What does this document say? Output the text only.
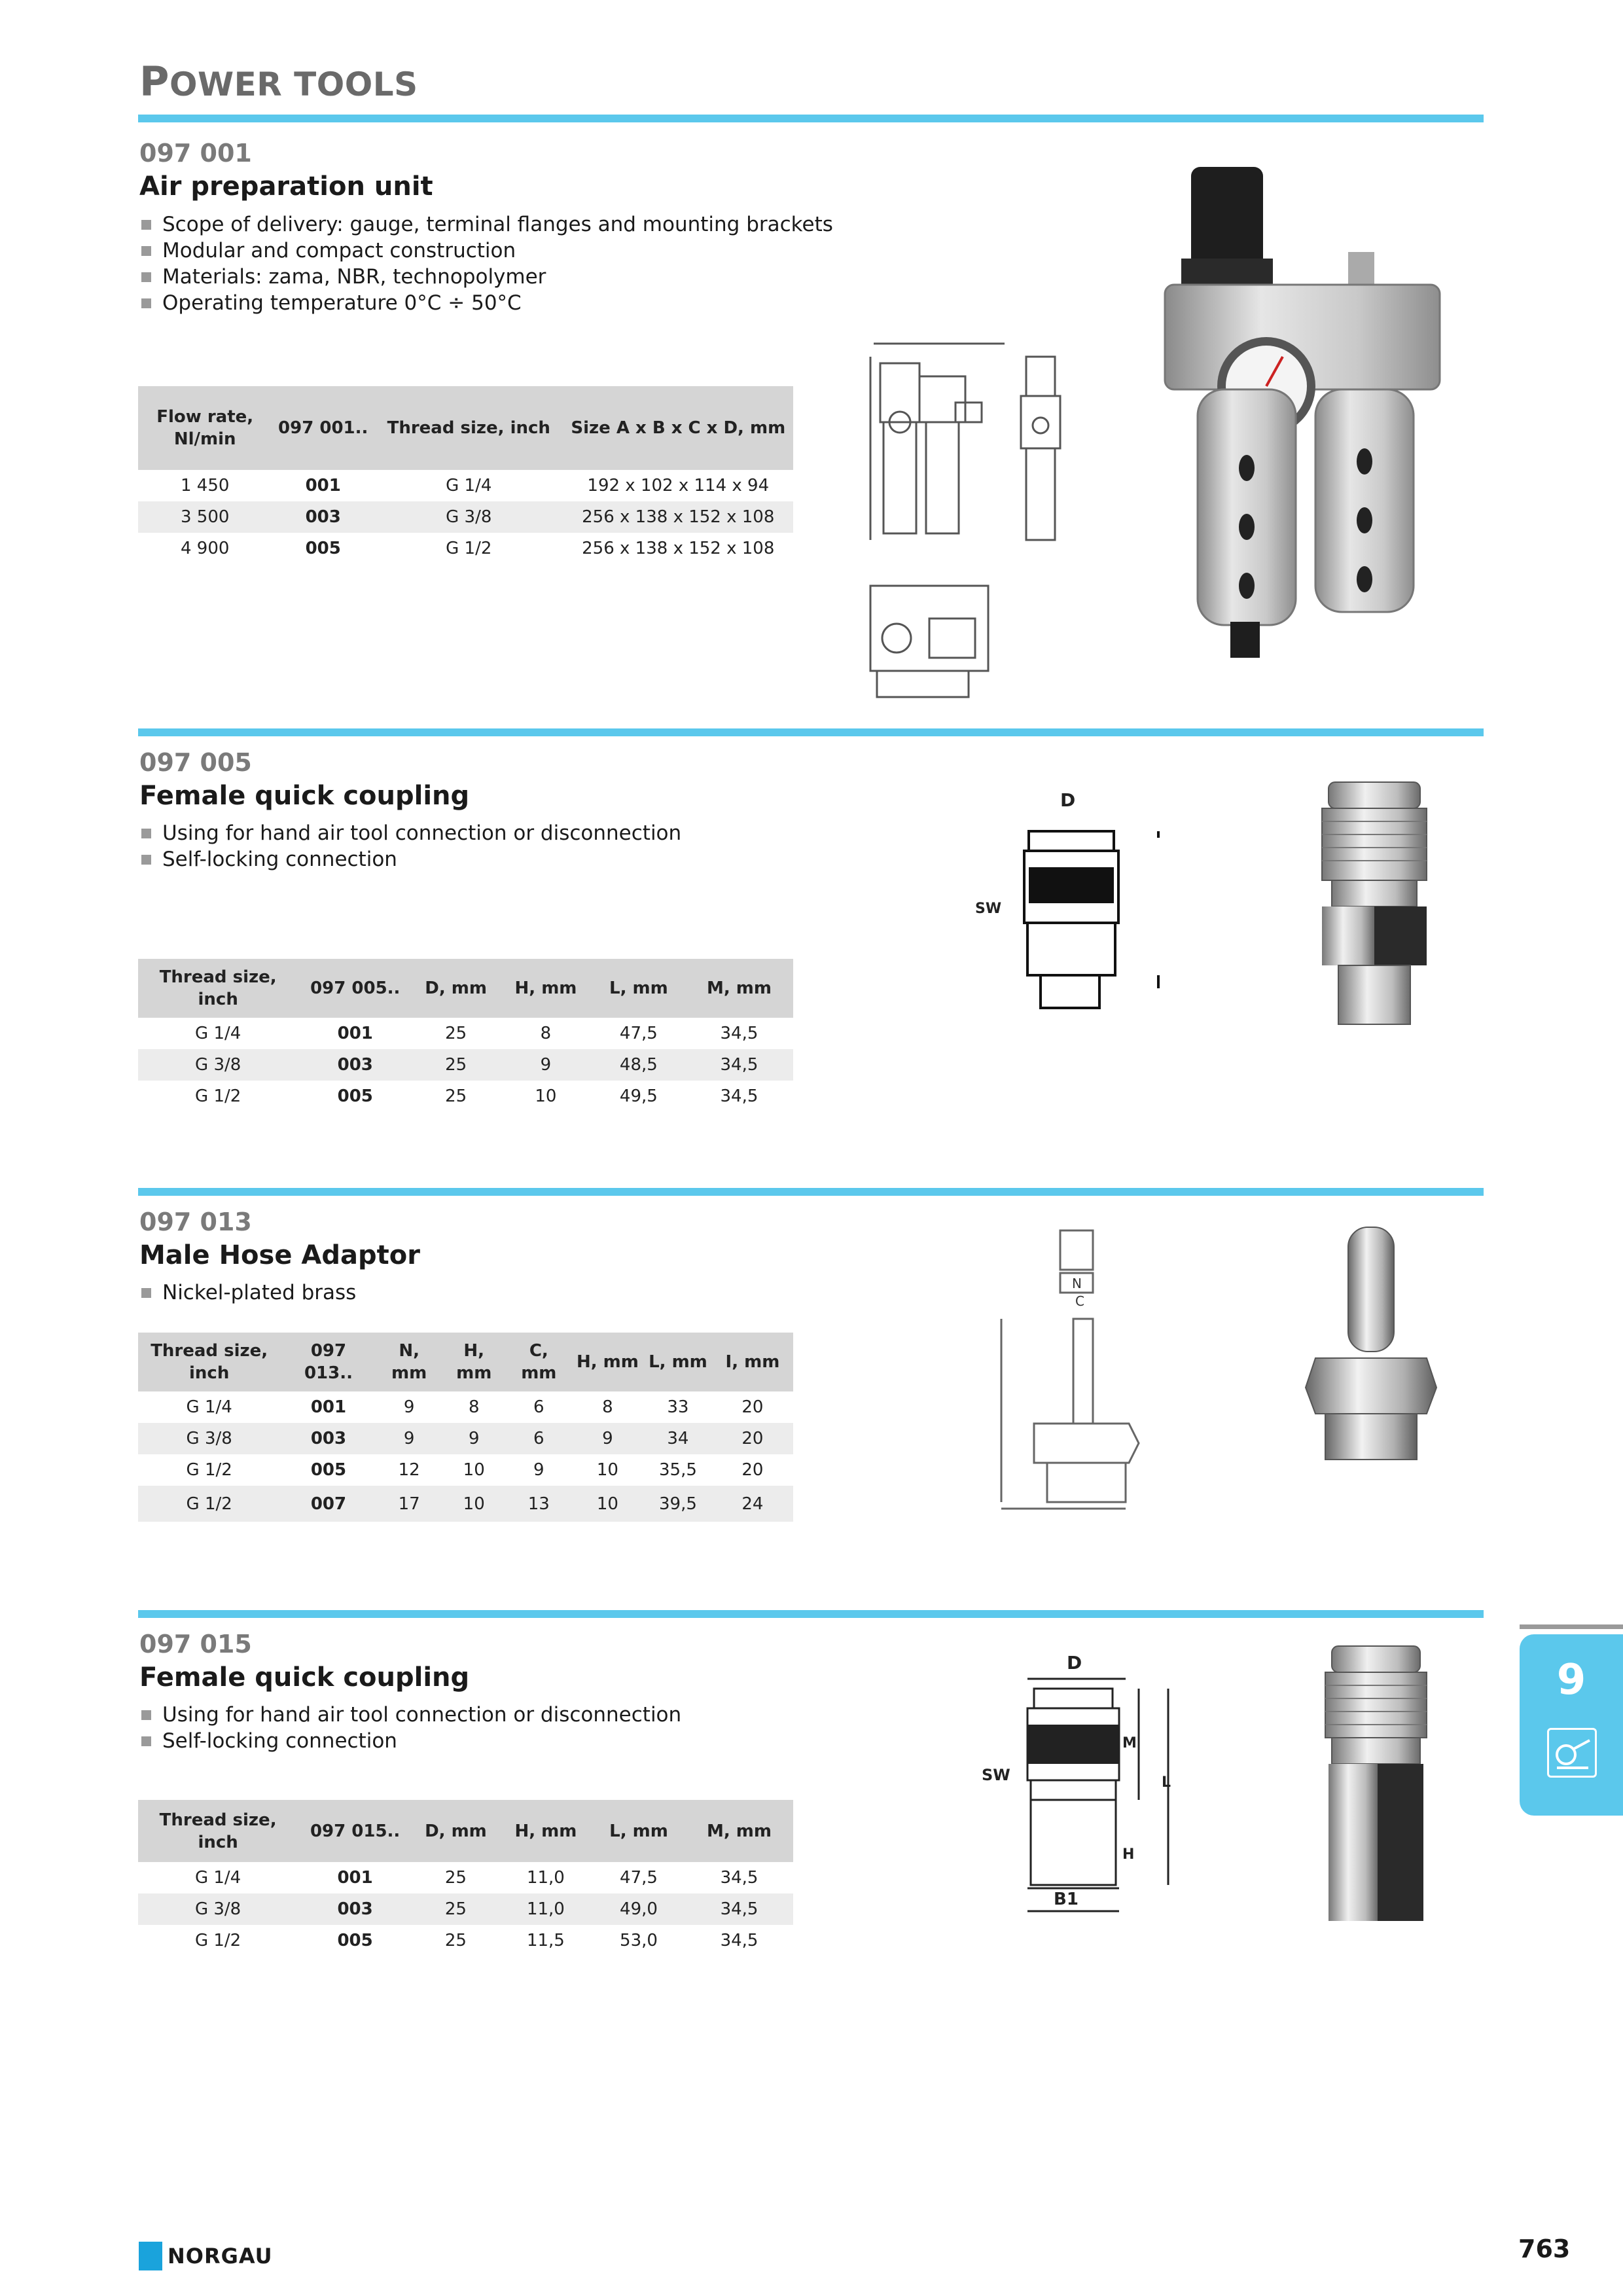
POWER TOOLS
097 001
Air preparation unit
Scope of delivery: gauge, terminal flanges and mounting brackets
Modular and compact construction
Materials: zama, NBR, technopolymer
Operating temperature 0°C ÷ 50°C
Flow rate, Nl/min	097 001..	Thread size, inch	Size A x B x C x D, mm
1 450	001	G 1/4	192 x 102 x 114 x 94
3 500	003	G 3/8	256 x 138 x 152 x 108
4 900	005	G 1/2	256 x 138 x 152 x 108
097 005
Female quick coupling
Using for hand air tool connection or disconnection
Self-locking connection
Thread size, inch	097 005..	D, mm	H, mm	L, mm	M, mm
G 1/4	001	25	8	47,5	34,5
G 3/8	003	25	9	48,5	34,5
G 1/2	005	25	10	49,5	34,5
D
SW
097 013
Male Hose Adaptor
Nickel-plated brass
Thread size, inch	097 013..	N, mm	H, mm	C, mm	H, mm	L, mm	I, mm
G 1/4	001	9	8	6	8	33	20
G 3/8	003	9	9	6	9	34	20
G 1/2	005	12	10	9	10	35,5	20
G 1/2	007	17	10	13	10	39,5	24
N
C
097 015
Female quick coupling
Using for hand air tool connection or disconnection
Self-locking connection
Thread size, inch	097 015..	D, mm	H, mm	L, mm	M, mm
G 1/4	001	25	11,0	47,5	34,5
G 3/8	003	25	11,0	49,0	34,5
G 1/2	005	25	11,5	53,0	34,5
D
SW
M
L
H
B1
9
NORGAU	763
